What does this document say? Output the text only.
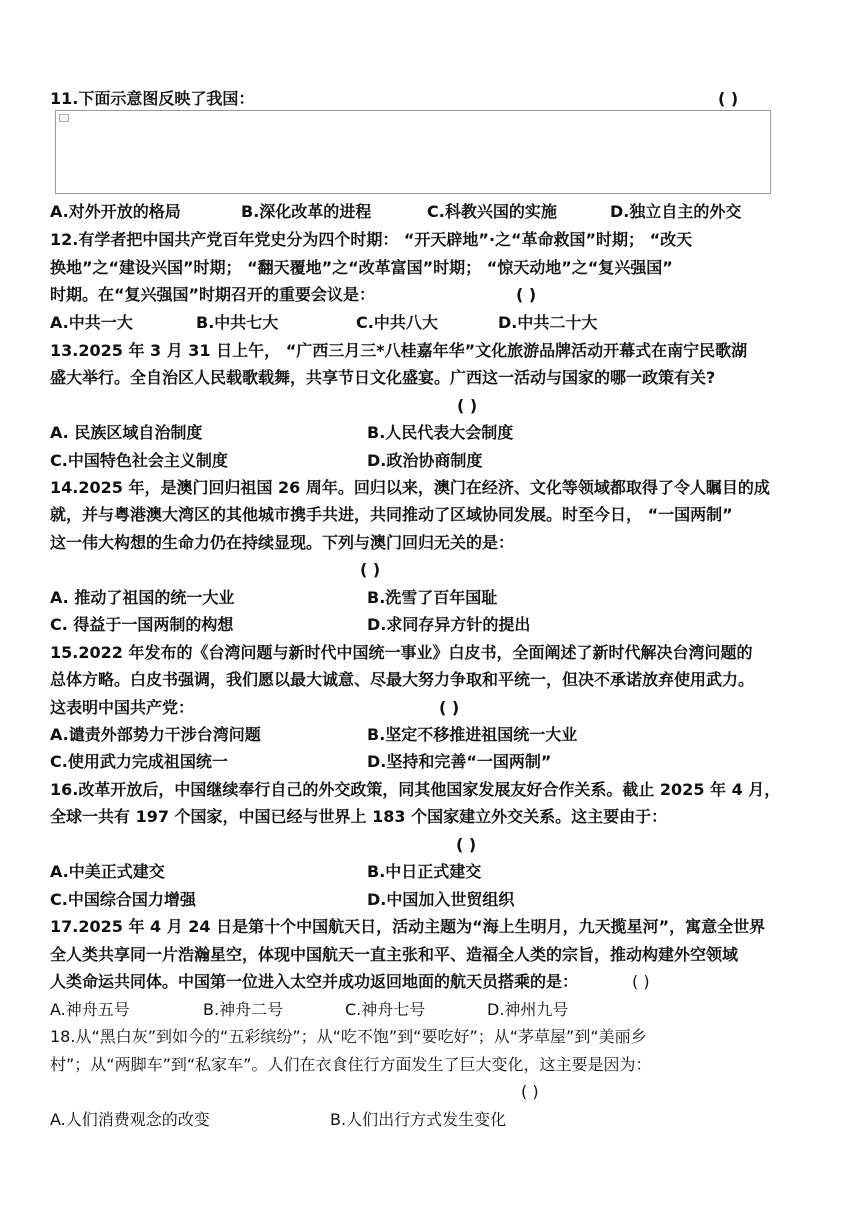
11.下面示意图反映了我国：	( )
A.对外开放的格局	B.深化改革的进程	C.科教兴国的实施	D.独立自主的外交
12.有学者把中国共产党百年党史分为四个时期： “开天辟地”·之“革命救国”时期； “改天
换地”之“建设兴国”时期； “翻天覆地”之“改革富国”时期； “惊天动地”之“复兴强国”
时期。在“复兴强国”时期召开的重要会议是：	( )
A.中共一大	B.中共七大	C.中共八大	D.中共二十大
13.2025 年 3 月 31 日上午， “广西三月三*八桂嘉年华”文化旅游品牌活动开幕式在南宁民歌湖
盛大举行。全自治区人民载歌载舞，共享节日文化盛宴。广西这一活动与国家的哪一政策有关?
( )
A. 民族区域自治制度	B.人民代表大会制度
C.中国特色社会主义制度	D.政治协商制度
14.2025 年，是澳门回归祖国 26 周年。回归以来，澳门在经济、文化等领域都取得了令人瞩目的成
就，并与粤港澳大湾区的其他城市携手共进，共同推动了区域协同发展。时至今日， “一国两制”
这一伟大构想的生命力仍在持续显现。下列与澳门回归无关的是：
( )
A. 推动了祖国的统一大业	B.洗雪了百年国耻
C. 得益于一国两制的构想	D.求同存异方针的提出
15.2022 年发布的《台湾问题与新时代中国统一事业》白皮书，全面阐述了新时代解决台湾问题的
总体方略。白皮书强调，我们愿以最大诚意、尽最大努力争取和平统一，但决不承诺放弃使用武力。
这表明中国共产党：	( )
A.谴责外部势力干涉台湾问题	B.坚定不移推进祖国统一大业
C.使用武力完成祖国统一	D.坚持和完善“一国两制”
16.改革开放后，中国继续奉行自己的外交政策，同其他国家发展友好合作关系。截止 2025 年 4 月，
全球一共有 197 个国家，中国已经与世界上 183 个国家建立外交关系。这主要由于：
( )
A.中美正式建交	B.中日正式建交
C.中国综合国力增强	D.中国加入世贸组织
17.2025 年 4 月 24 日是第十个中国航天日，活动主题为“海上生明月，九天揽星河”，寓意全世界
全人类共享同一片浩瀚星空，体现中国航天一直主张和平、造福全人类的宗旨，推动构建外空领域
人类命运共同体。中国第一位进入太空并成功返回地面的航天员搭乘的是：	( )
A.神舟五号	B.神舟二号	C.神舟七号	D.神州九号
18.从“黑白灰”到如今的“五彩缤纷”；从“吃不饱”到“要吃好”；从“茅草屋”到“美丽乡
村”；从“两脚车”到“私家车”。人们在衣食住行方面发生了巨大变化，这主要是因为：
( )
A.人们消费观念的改变	B.人们出行方式发生变化
